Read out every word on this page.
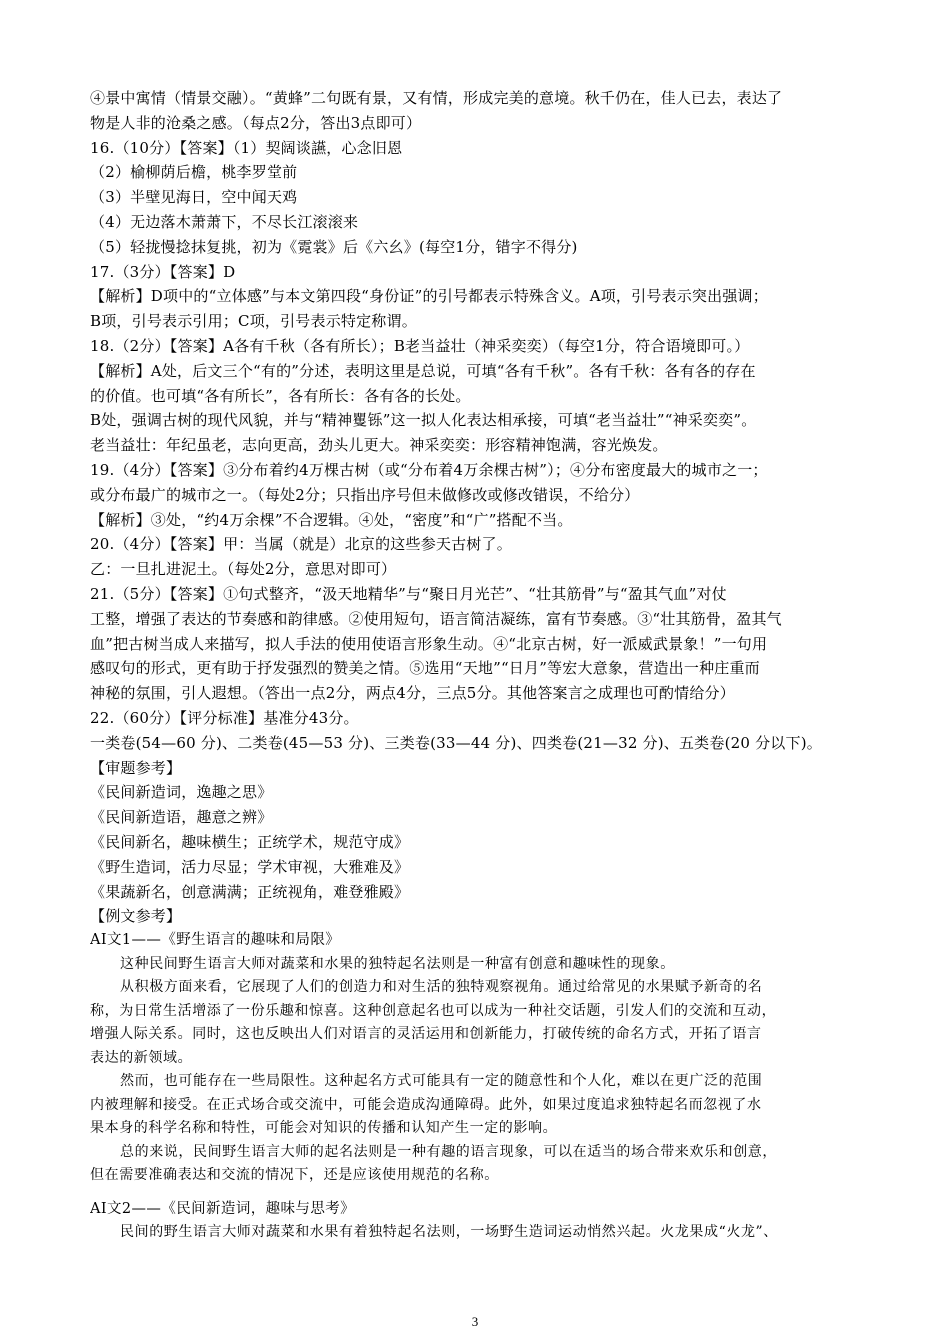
④景中寓情（情景交融）。“黄蜂”二句既有景，又有情，形成完美的意境。秋千仍在，佳人已去，表达了
物是人非的沧桑之感。（每点2分，答出3点即可）
16.（10分）【答案】（1）契阔谈讌，心念旧恩
（2）榆柳荫后檐，桃李罗堂前
（3）半壁见海日，空中闻天鸡
（4）无边落木萧萧下，不尽长江滚滚来
（5）轻拢慢捻抹复挑，初为《霓裳》后《六幺》(每空1分，错字不得分)
17.（3分）【答案】D
【解析】D项中的“立体感”与本文第四段“身份证”的引号都表示特殊含义。A项，引号表示突出强调；
B项，引号表示引用；C项，引号表示特定称谓。
18.（2分）【答案】A各有千秋（各有所长）；B老当益壮（神采奕奕）（每空1分，符合语境即可。）
【解析】A处，后文三个“有的”分述，表明这里是总说，可填“各有千秋”。各有千秋：各有各的存在
的价值。也可填“各有所长”，各有所长：各有各的长处。
B处，强调古树的现代风貌，并与“精神矍铄”这一拟人化表达相承接，可填“老当益壮”“神采奕奕”。
老当益壮：年纪虽老，志向更高，劲头儿更大。神采奕奕：形容精神饱满，容光焕发。
19.（4分）【答案】③分布着约4万棵古树（或“分布着4万余棵古树”）；④分布密度最大的城市之一；
或分布最广的城市之一。（每处2分；只指出序号但未做修改或修改错误，不给分）
【解析】③处，“约4万余棵”不合逻辑。④处，“密度”和“广”搭配不当。
20.（4分）【答案】甲：当属（就是）北京的这些参天古树了。
乙：一旦扎进泥土。（每处2分，意思对即可）
21.（5分）【答案】①句式整齐，“汲天地精华”与“聚日月光芒”、“壮其筋骨”与“盈其气血”对仗
工整，增强了表达的节奏感和韵律感。②使用短句，语言简洁凝练，富有节奏感。③“壮其筋骨，盈其气
血”把古树当成人来描写，拟人手法的使用使语言形象生动。④“北京古树，好一派威武景象！”一句用
感叹句的形式，更有助于抒发强烈的赞美之情。⑤选用“天地”“日月”等宏大意象，营造出一种庄重而
神秘的氛围，引人遐想。（答出一点2分，两点4分，三点5分。其他答案言之成理也可酌情给分）
22.（60分）【评分标准】基准分43分。
一类卷(54—60 分)、二类卷(45—53 分)、三类卷(33—44 分)、四类卷(21—32 分)、五类卷(20 分以下)。
【审题参考】
《民间新造词，逸趣之思》
《民间新造语，趣意之辨》
《民间新名，趣味横生；正统学术，规范守成》
《野生造词，活力尽显；学术审视，大雅难及》
《果蔬新名，创意满满；正统视角，难登雅殿》
【例文参考】
AI文1——《野生语言的趣味和局限》
这种民间野生语言大师对蔬菜和水果的独特起名法则是一种富有创意和趣味性的现象。
从积极方面来看，它展现了人们的创造力和对生活的独特观察视角。通过给常见的水果赋予新奇的名
称，为日常生活增添了一份乐趣和惊喜。这种创意起名也可以成为一种社交话题，引发人们的交流和互动，
增强人际关系。同时，这也反映出人们对语言的灵活运用和创新能力，打破传统的命名方式，开拓了语言
表达的新领域。
然而，也可能存在一些局限性。这种起名方式可能具有一定的随意性和个人化，难以在更广泛的范围
内被理解和接受。在正式场合或交流中，可能会造成沟通障碍。此外，如果过度追求独特起名而忽视了水
果本身的科学名称和特性，可能会对知识的传播和认知产生一定的影响。
总的来说，民间野生语言大师的起名法则是一种有趣的语言现象，可以在适当的场合带来欢乐和创意，
但在需要准确表达和交流的情况下，还是应该使用规范的名称。
AI文2——《民间新造词，趣味与思考》
民间的野生语言大师对蔬菜和水果有着独特起名法则，一场野生造词运动悄然兴起。火龙果成“火龙”、
3
